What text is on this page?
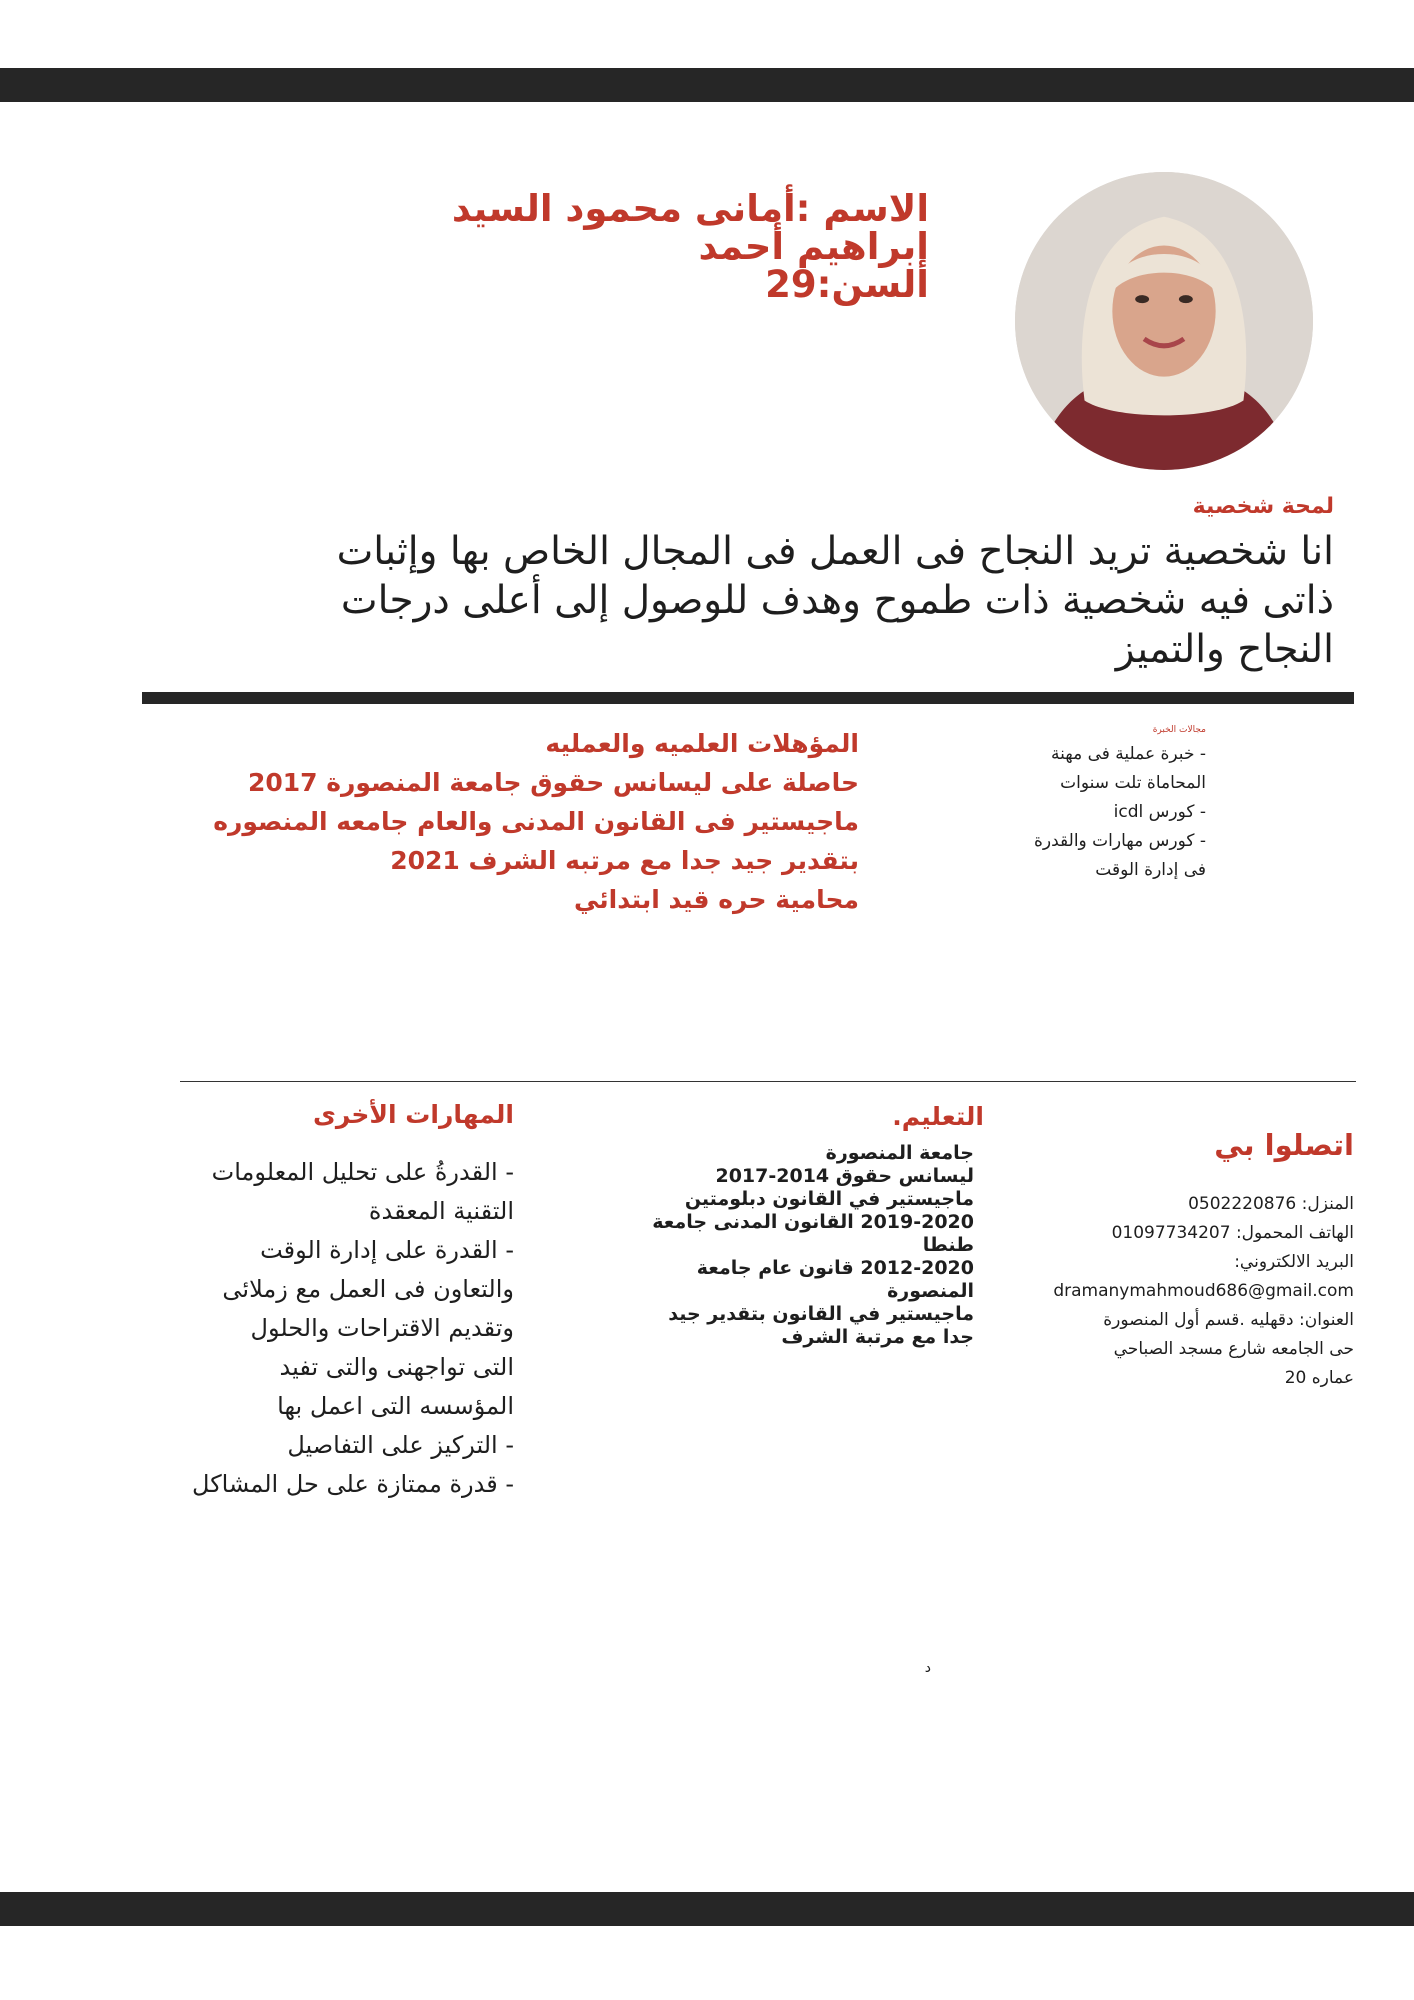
الاسم :أمانى محمود السيد
إبراهيم أحمد
السن:29
لمحة شخصية
انا شخصية تريد النجاح فى العمل فى المجال الخاص بها وإثبات
ذاتى فيه شخصية ذات طموح وهدف للوصول إلى أعلى درجات
النجاح والتميز
المؤهلات العلميه والعمليه
حاصلة على ليسانس حقوق جامعة المنصورة 2017
ماجيستير فى القانون المدنى والعام جامعه المنصوره
بتقدير جيد جدا مع مرتبه الشرف 2021
محامية حره قيد ابتدائي
مجالات الخبرة
- خبرة عملية فى مهنة
المحاماة تلت سنوات
- كورس icdl
- كورس مهارات والقدرة
فى إدارة الوقت
المهارات الأخرى
- القدرةُ على تحليل المعلومات
التقنية المعقدة
- القدرة على إدارة الوقت
والتعاون فى العمل مع زملائى
وتقديم الاقتراحات والحلول
التى تواجهنى والتى تفيد
المؤسسه التى اعمل بها
- التركيز على التفاصيل
- قدرة ممتازة على حل المشاكل
التعليم.
جامعة المنصورة
ليسانس حقوق 2014-2017
ماجيستير في القانون دبلومتين
2019-2020 القانون المدنى جامعة
طنطا
2012-2020 قانون عام جامعة
المنصورة
ماجيستير في القانون بتقدير جيد
جدا مع مرتبة الشرف
اتصلوا بي
المنزل: 0502220876
الهاتف المحمول: 01097734207
البريد الالكتروني:
dramanymahmoud686@gmail.com
العنوان: دقهليه .قسم أول المنصورة
حى الجامعه شارع مسجد الصباحي
عماره 20
د
